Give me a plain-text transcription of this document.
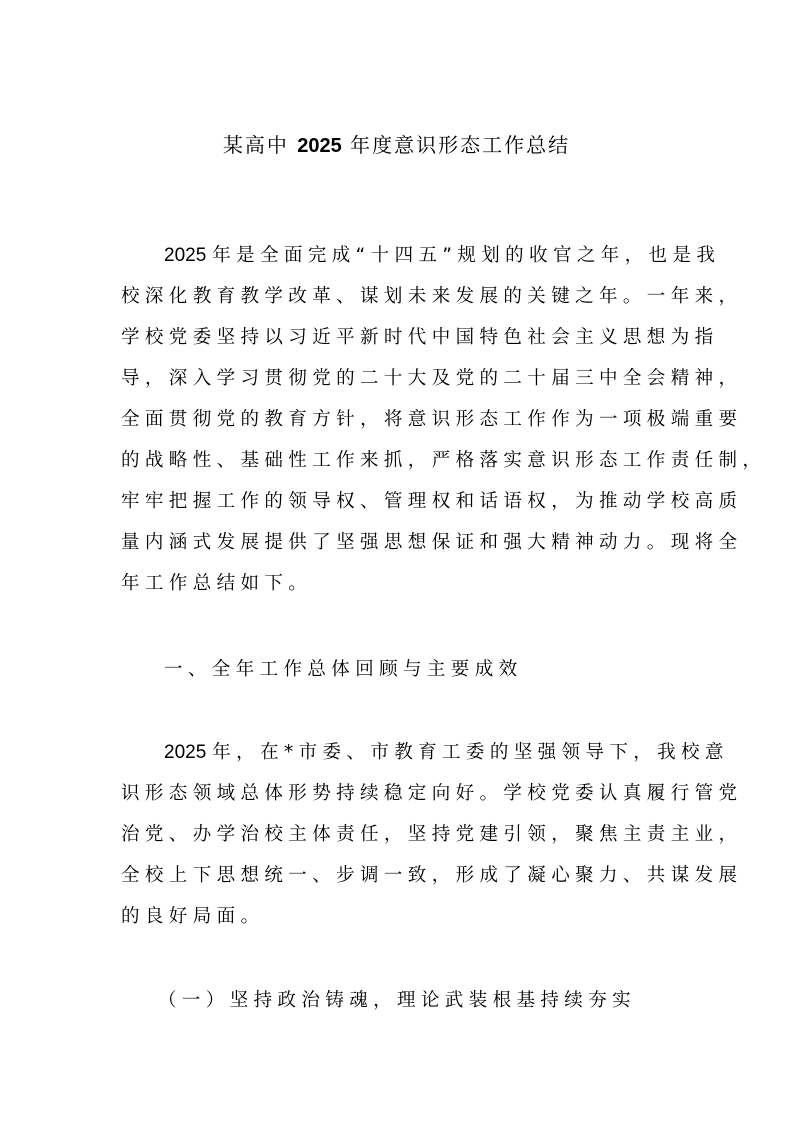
某高中 2025 年度意识形态工作总结
2025 年是全面完成“十四五”规划的收官之年，也是我
校深化教育教学改革、谋划未来发展的关键之年。一年来，
学校党委坚持以习近平新时代中国特色社会主义思想为指
导，深入学习贯彻党的二十大及党的二十届三中全会精神，
全面贯彻党的教育方针，将意识形态工作作为一项极端重要
的战略性、基础性工作来抓，严格落实意识形态工作责任制，
牢牢把握工作的领导权、管理权和话语权，为推动学校高质
量内涵式发展提供了坚强思想保证和强大精神动力。现将全
年工作总结如下。
一、全年工作总体回顾与主要成效
2025 年，在*市委、市教育工委的坚强领导下，我校意
识形态领域总体形势持续稳定向好。学校党委认真履行管党
治党、办学治校主体责任，坚持党建引领，聚焦主责主业，
全校上下思想统一、步调一致，形成了凝心聚力、共谋发展
的良好局面。
（一）坚持政治铸魂，理论武装根基持续夯实
